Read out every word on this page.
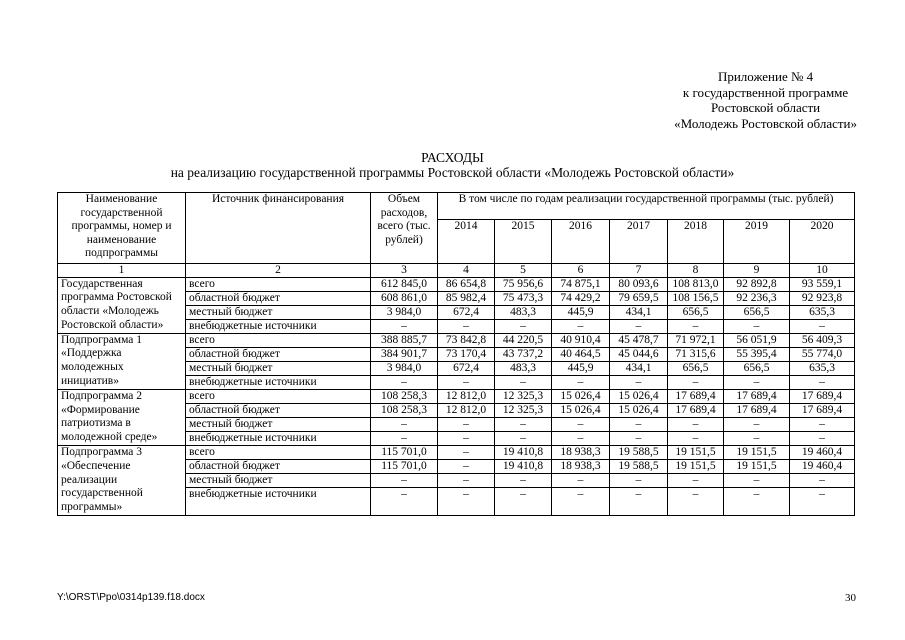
Приложение № 4
к государственной программе
Ростовской области
«Молодежь Ростовской области»
РАСХОДЫ
на реализацию государственной программы Ростовской области «Молодежь Ростовской области»
Наименование государственной программы, номер и наименование подпрограммы	Источник финансирования	Объем расходов, всего (тыс. рублей)	В том числе по годам реализации государственной программы (тыс. рублей)						
			2014	2015	2016	2017	2018	2019	2020
1	2	3	4	5	6	7	8	9	10
Государственная программа Ростовской области «Молодежь Ростовской области»	всего	612 845,0	86 654,8	75 956,6	74 875,1	80 093,6	108 813,0	92 892,8	93 559,1
	областной бюджет	608 861,0	85 982,4	75 473,3	74 429,2	79 659,5	108 156,5	92 236,3	92 923,8
	местный бюджет	3 984,0	672,4	483,3	445,9	434,1	656,5	656,5	635,3
	внебюджетные источники	–	–	–	–	–	–	–	–
Подпрограмма 1 «Поддержка молодежных инициатив»	всего	388 885,7	73 842,8	44 220,5	40 910,4	45 478,7	71 972,1	56 051,9	56 409,3
	областной бюджет	384 901,7	73 170,4	43 737,2	40 464,5	45 044,6	71 315,6	55 395,4	55 774,0
	местный бюджет	3 984,0	672,4	483,3	445,9	434,1	656,5	656,5	635,3
	внебюджетные источники	–	–	–	–	–	–	–	–
Подпрограмма 2 «Формирование патриотизма в молодежной среде»	всего	108 258,3	12 812,0	12 325,3	15 026,4	15 026,4	17 689,4	17 689,4	17 689,4
	областной бюджет	108 258,3	12 812,0	12 325,3	15 026,4	15 026,4	17 689,4	17 689,4	17 689,4
	местный бюджет	–	–	–	–	–	–	–	–
	внебюджетные источники	–	–	–	–	–	–	–	–
Подпрограмма 3 «Обеспечение реализации государственной программы»	всего	115 701,0	–	19 410,8	18 938,3	19 588,5	19 151,5	19 151,5	19 460,4
	областной бюджет	115 701,0	–	19 410,8	18 938,3	19 588,5	19 151,5	19 151,5	19 460,4
	местный бюджет	–	–	–	–	–	–	–	–
	внебюджетные источники	–	–	–	–	–	–	–	–
Y:\ORST\Ppo\0314p139.f18.docx	30
